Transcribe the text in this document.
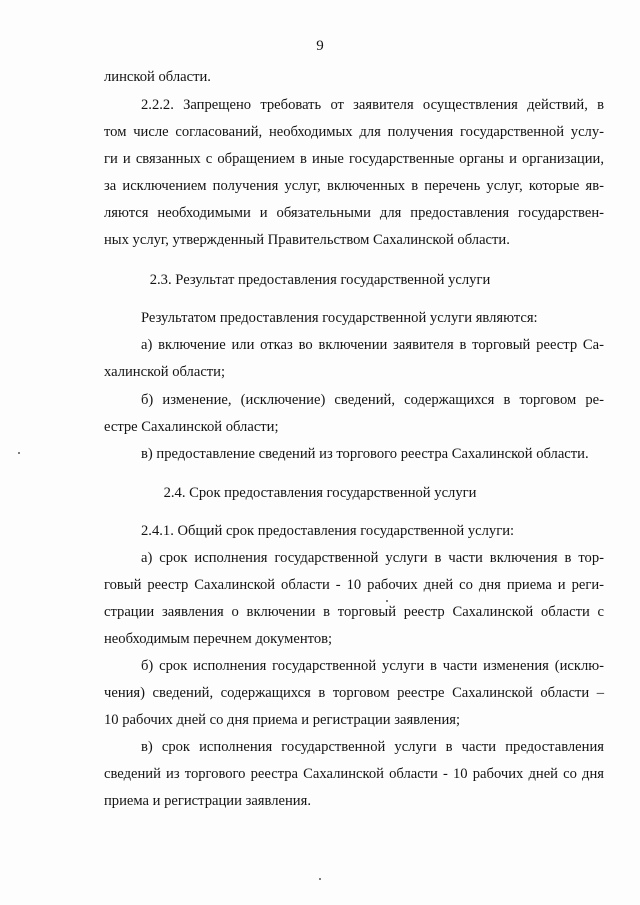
9
линской области.
2.2.2. Запрещено требовать от заявителя осуществления действий, в
том числе согласований, необходимых для получения государственной услу-
ги и связанных с обращением в иные государственные органы и организации,
за исключением получения услуг, включенных в перечень услуг, которые яв-
ляются необходимыми и обязательными для предоставления государствен-
ных услуг, утвержденный Правительством Сахалинской области.
2.3. Результат предоставления государственной услуги
Результатом предоставления государственной услуги являются:
а) включение или отказ во включении заявителя в торговый реестр Са-
халинской области;
б) изменение, (исключение) сведений, содержащихся в торговом ре-
естре Сахалинской области;
в) предоставление сведений из торгового реестра Сахалинской области.
2.4. Срок предоставления государственной услуги
2.4.1. Общий срок предоставления государственной услуги:
а) срок исполнения государственной услуги в части включения в тор-
говый реестр Сахалинской области - 10 рабочих дней со дня приема и реги-
страции заявления о включении в торговый реестр Сахалинской области с
необходимым перечнем документов;
б) срок исполнения государственной услуги в части изменения (исклю-
чения) сведений, содержащихся в торговом реестре Сахалинской области –
10 рабочих дней со дня приема и регистрации заявления;
в) срок исполнения государственной услуги в части предоставления
сведений из торгового реестра Сахалинской области - 10 рабочих дней со дня
приема и регистрации заявления.
